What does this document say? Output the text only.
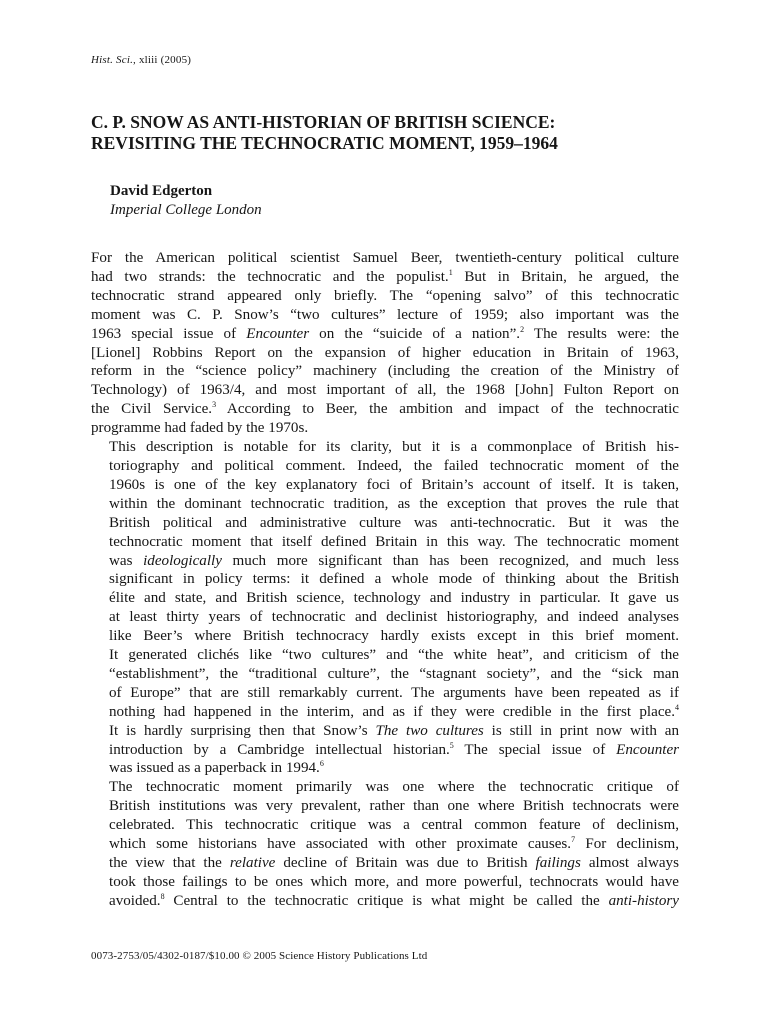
Hist. Sci., xliii (2005)
C. P. SNOW AS ANTI-HISTORIAN OF BRITISH SCIENCE:
REVISITING THE TECHNOCRATIC MOMENT, 1959–1964
David Edgerton
Imperial College London

For the American political scientist Samuel Beer, twentieth-century political culture
had two strands: the technocratic and the populist.$^1$ But in Britain, he argued, the
technocratic strand appeared only briefly. The “opening salvo” of this technocratic
moment was C. P. Snow’s “two cultures” lecture of 1959; also important was the
1963 special issue of Encounter on the “suicide of a nation”.$^2$ The results were: the
[Lionel] Robbins Report on the expansion of higher education in Britain of 1963,
reform in the “science policy” machinery (including the creation of the Ministry of
Technology) of 1963/4, and most important of all, the 1968 [John] Fulton Report on
the Civil Service.$^3$ According to Beer, the ambition and impact of the technocratic
programme had faded by the 1970s.

This description is notable for its clarity, but it is a commonplace of British his-
toriography and political comment. Indeed, the failed technocratic moment of the
1960s is one of the key explanatory foci of Britain’s account of itself. It is taken,
within the dominant technocratic tradition, as the exception that proves the rule that
British political and administrative culture was anti-technocratic. But it was the
technocratic moment that itself defined Britain in this way. The technocratic moment
was ideologically much more significant than has been recognized, and much less
significant in policy terms: it defined a whole mode of thinking about the British
élite and state, and British science, technology and industry in particular. It gave us
at least thirty years of technocratic and declinist historiography, and indeed analyses
like Beer’s where British technocracy hardly exists except in this brief moment.
It generated clichés like “two cultures” and “the white heat”, and criticism of the
“establishment”, the “traditional culture”, the “stagnant society”, and the “sick man
of Europe” that are still remarkably current. The arguments have been repeated as if
nothing had happened in the interim, and as if they were credible in the first place.$^4$
It is hardly surprising then that Snow’s The two cultures is still in print now with an
introduction by a Cambridge intellectual historian.$^5$ The special issue of Encounter
was issued as a paperback in 1994.$^6$

The technocratic moment primarily was one where the technocratic critique of
British institutions was very prevalent, rather than one where British technocrats were
celebrated. This technocratic critique was a central common feature of declinism,
which some historians have associated with other proximate causes.$^7$ For declinism,
the view that the relative decline of Britain was due to British failings almost always
took those failings to be ones which more, and more powerful, technocrats would have
avoided.$^8$ Central to the technocratic critique is what might be called the anti-history

0073-2753/05/4302-0187/$10.00 © 2005 Science History Publications Ltd
